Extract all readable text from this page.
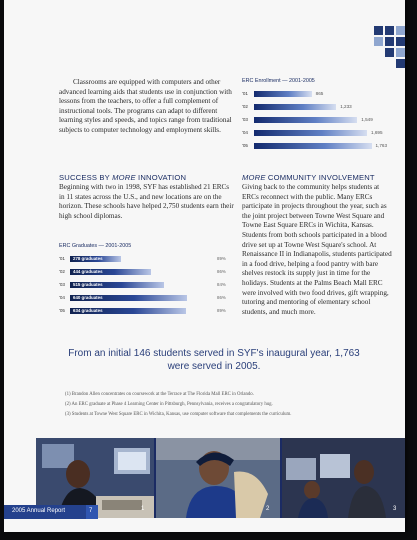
Classrooms are equipped with computers and other advanced learning aids that students use in conjunction with lessons from the teachers, to offer a full complement of instructional tools. The programs can adapt to different learning styles and speeds, and topics range from traditional subjects to computer technology and employment skills.

SUCCESS BY MORE INNOVATION

Beginning with two in 1998, SYF has established 21 ERCs in 11 states across the U.S., and new locations are on the horizon. These schools have helped 2,750 students earn their high school diplomas.

ERC Graduates — 2001-2005

'01	278 graduates	89%
'02	444 graduates	86%
'03	515 graduates	84%
'04	640 graduates	86%
'05	634 graduates	89%

ERC Enrollment — 2001-2005

'01	865
'02	1,233
'03	1,549
'04	1,695
'05	1,763

MORE COMMUNITY INVOLVEMENT

Giving back to the community helps students at ERCs reconnect with the public. Many ERCs participate in projects throughout the year, such as the joint project between Towne West Square and Towne East Square ERCs in Wichita, Kansas. Students from both schools participated in a blood drive set up at Towne West Square's school. At Renaissance II in Indianapolis, students participated in a food drive, helping a food pantry with bare shelves restock its supply just in time for the holidays. Students at the Palms Beach Mall ERC were involved with two food drives, gift wrapping, tutoring and mentoring of elementary school students, and much more.

From an initial 146 students served in SYF's inaugural year, 1,763 were served in 2005.
(1) Brandon Allen concentrates on coursework at the Terrace at The Florida Mall ERC in Orlando.
(2) An ERC graduate at Phase 4 Learning Center in Pittsburgh, Pennsylvania, receives a congratulatory hug.
(3) Students at Towne West Square ERC in Wichita, Kansas, use computer software that complements the curriculum.
1	2	3
2005 Annual Report	7
